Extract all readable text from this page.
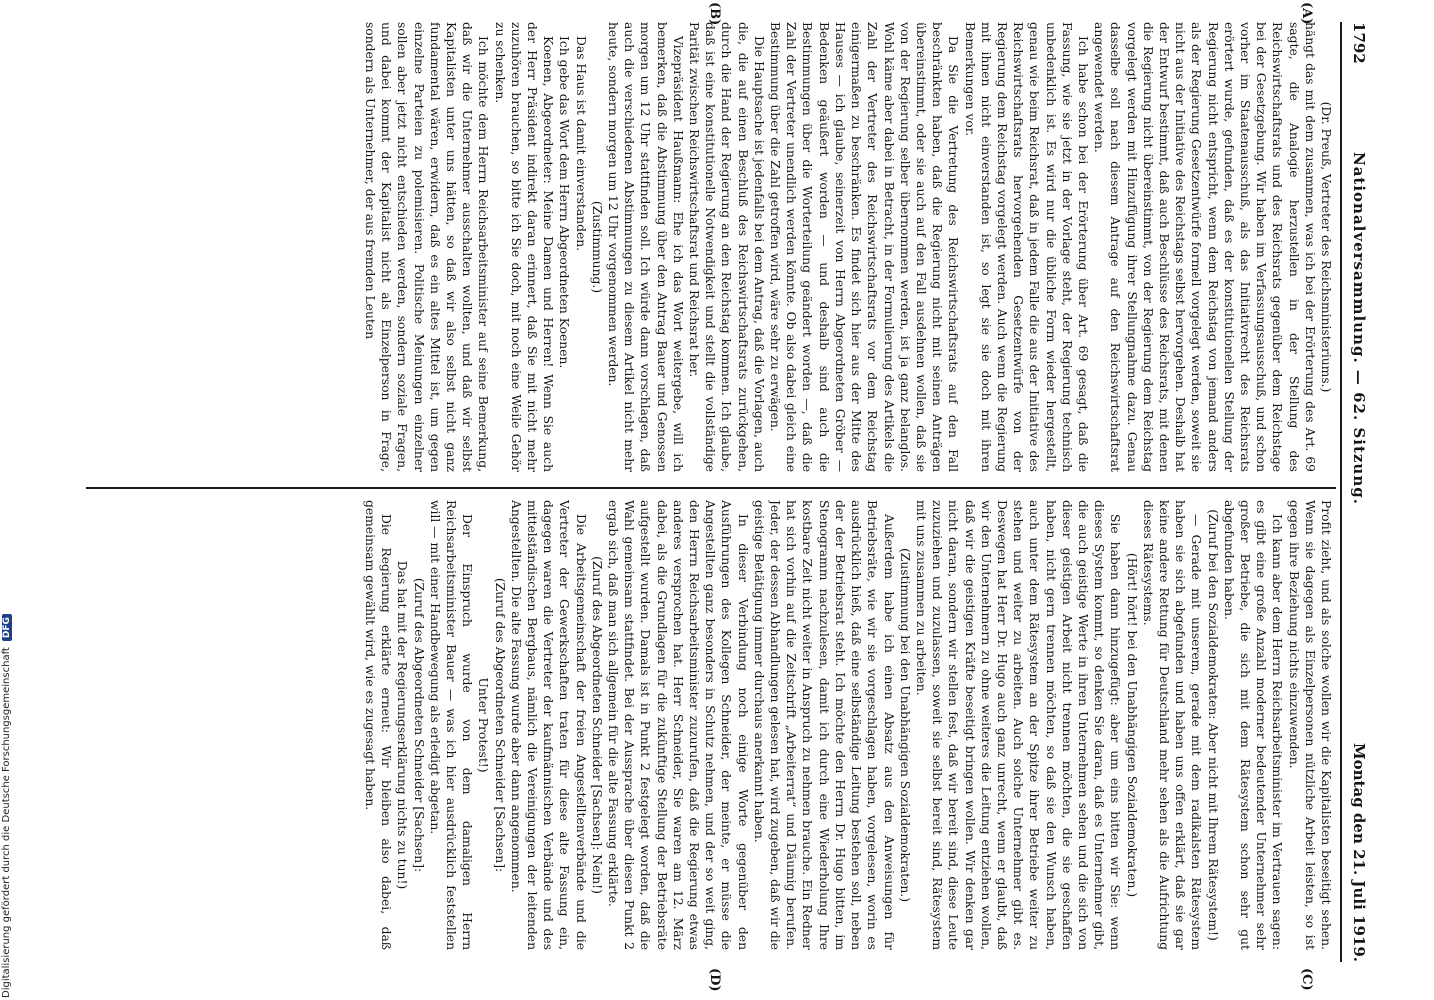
1792
Nationalversammlung. — 62. Sitzung.
Montag den 21. Juli 1919.
(A)
(B)
(C)
(D)

(Dr. Preuß, Vertreter des Reichsministeriums.)

hängt das mit dem zusammen, was ich bei der Erörterung des Art. 69 sagte, die Analogie herzustellen in der Stellung des Reichswirtschaftsrats und des Reichsrats gegenüber dem Reichstage bei der Gesetzgebung. Wir haben im Verfassungsausschuß, und schon vorher im Staatenausschuß, als das Initiativrecht des Reichsrats erörtert wurde, gefunden, daß es der konstitutionellen Stellung der Regierung nicht entspricht, wenn dem Reichstag von jemand anders als der Regierung Gesetzentwürfe formell vorgelegt werden, soweit sie nicht aus der Initiative des Reichstags selbst hervorgehen. Deshalb hat der Entwurf bestimmt, daß auch Beschlüsse des Reichsrats, mit denen die Regierung nicht übereinstimmt, von der Regierung dem Reichstag vorgelegt werden mit Hinzufügung ihrer Stellungnahme dazu. Genau dasselbe soll nach diesem Antrage auf den Reichswirtschaftsrat angewendet werden.

Ich habe schon bei der Erörterung über Art. 69 gesagt, daß die Fassung, wie sie jetzt in der Vorlage steht, der Regierung technisch unbedenklich ist. Es wird nur die übliche Form wieder hergestellt, genau wie beim Reichsrat, daß in jedem Falle die aus der Initiative des Reichswirtschaftsrats hervorgehenden Gesetzentwürfe von der Regierung dem Reichstag vorgelegt werden. Auch wenn die Regierung mit ihnen nicht einverstanden ist, so legt sie sie doch mit ihren Bemerkungen vor.

Da Sie die Vertretung des Reichswirtschaftsrats auf den Fall beschränkten haben, daß die Regierung nicht mit seinen Anträgen übereinstimmt, oder sie auch auf den Fall ausdehnen wollen, daß sie von der Regierung selber übernommen werden, ist ja ganz belanglos. Wohl käme aber dabei in Betracht, in der Formulierung des Artikels die Zahl der Vertreter des Reichswirtschaftsrats vor dem Reichstag einigermaßen zu beschränken. Es findet sich hier aus der Mitte des Hauses — ich glaube, seinerzeit von Herrn Abgeordneten Gröber — Bedenken geäußert worden — und deshalb sind auch die Bestimmungen über die Worterteilung geändert worden —, daß die Zahl der Vertreter unendlich werden könnte. Ob also dabei gleich eine Bestimmung über die Zahl getroffen wird, wäre sehr zu erwägen.

Die Hauptsache ist jedenfalls bei dem Antrag, daß die Vorlagen, auch die, die auf einen Beschluß des Reichswirtschaftsrats zurückgehen, durch die Hand der Regierung an den Reichstag kommen. Ich glaube, daß ist eine konstitutionelle Notwendigkeit und stellt die vollständige Parität zwischen Reichswirtschaftsrat und Reichsrat her.

Vizepräsident Haußmann: Ehe ich das Wort weitergebe, will ich bemerken, daß die Abstimmung über den Antrag Bauer und Genossen morgen um 12 Uhr stattfinden soll. Ich würde dann vorschlagen, daß auch die verschiedenen Abstimmungen zu diesem Artikel nicht mehr heute, sondern morgen um 12 Uhr vorgenommen werden.

(Zustimmung.)

Das Haus ist damit einverstanden.

Ich gebe das Wort dem Herrn Abgeordneten Koenen.

Koenen, Abgeordneter: Meine Damen und Herren! Wenn Sie auch der Herr Präsident indirekt daran erinnert, daß Sie mit nicht mehr zuzuhören brauchen, so bitte ich Sie doch, mit noch eine Weile Gehör zu schenken.

Ich möchte dem Herrn Reichsarbeitsminister auf seine Bemerkung, daß wir die Unternehmer ausschalten wollten, und daß wir selbst Kapitalisten unter uns hätten, so daß wir also selbst nicht ganz fundamental wären, erwidern, daß es ein altes Mittel ist, um gegen einzelne Parteien zu polemisieren. Politische Meinungen einzelner sollen aber jetzt nicht entschieden werden, sondern soziale Fragen, und dabei kommt der Kapitalist nicht als Einzelperson in Frage, sondern als Unternehmer, der aus fremden Leuten

Profit zieht, und als solche wollen wir die Kapitalisten beseitigt sehen. Wenn sie dagegen als Einzelpersonen nützliche Arbeit leisten, so ist gegen ihre Beziehung nichts einzuwenden.

Ich kann aber dem Herrn Reichsarbeitsminister im Vertrauen sagen: es gibt eine große Anzahl moderner bedeutender Unternehmer sehr großer Betriebe, die sich mit dem Rätesystem schon sehr gut abgefunden haben.

(Zuruf bei den Sozialdemokraten: Aber nicht mit Ihrem Rätesystem!)

— Gerade mit unserem, gerade mit dem radikalsten Rätesystem haben sie sich abgefunden und haben uns offen erklärt, daß sie gar keine andere Rettung für Deutschland mehr sehen als die Aufrichtung dieses Rätesystems.

(Hört! hört! bei den Unabhängigen Sozialdemokraten.)

Sie haben dann hinzugefügt: aber um eins bitten wir Sie: wenn dieses System kommt, so denken Sie daran, daß es Unternehmer gibt, die auch geistige Werte in ihren Unternehmen sehen und die sich von dieser geistigen Arbeit nicht trennen möchten, die sie geschaffen haben, nicht gern trennen möchten, so daß sie den Wunsch haben, auch unter dem Rätesystem an der Spitze ihrer Betriebe weiter zu stehen und weiter zu arbeiten. Auch solche Unternehmer gibt es. Deswegen hat Herr Dr. Hugo auch ganz unrecht, wenn er glaubt, daß wir den Unternehmern zu ohne weiteres die Leitung entziehen wollen, daß wir die geistigen Kräfte beseitigt bringen wollen. Wir denken gar nicht daran, sondern wir stellen fest, daß wir bereit sind, diese Leute zuzuziehen und zuzulassen, soweit sie selbst bereit sind, Rätesystem mit uns zusammen zu arbeiten.

(Zustimmung bei den Unabhängigen Sozialdemokraten.)

Außerdem habe ich einen Absatz aus den Anweisungen für Betriebsräte, wie wir sie vorgeschlagen haben, vorgelesen, worin es ausdrücklich hieß, daß eine selbständige Leitung bestehen soll, neben der der Betriebsrat steht. Ich möchte den Herrn Dr. Hugo bitten, im Stenogramm nachzulesen, damit ich durch eine Wiederholung Ihre kostbare Zeit nicht weiter in Anspruch zu nehmen brauche. Ein Redner hat sich vorhin auf die Zeitschrift „Arbeiterrat“ und Däumig berufen. Jeder, der dessen Abhandlungen gelesen hat, wird zugeben, daß wir die geistige Betätigung immer durchaus anerkannt haben.

In dieser Verbindung noch einige Worte gegenüber den Ausführungen des Kollegen Schneider, der meinte, er müsse die Angestellten ganz besonders in Schutz nehmen, und der so weit ging, den Herrn Reichsarbeitsminister zuzurufen, daß die Regierung etwas anderes versprochen hat. Herr Schneider, Sie waren am 12. März dabei, als die Grundlagen für die zukünftige Stellung der Betriebsräte aufgestellt wurden. Damals ist in Punkt 2 festgelegt worden, daß die Wahl gemeinsam stattfindet. Bei der Aussprache über diesen Punkt 2 ergab sich, daß man sich allgemein für die alte Fassung erklärte.

(Zuruf des Abgeordneten Schneider [Sachsen]: Nein!)

Die Arbeitsgemeinschaft der freien Angestelltenverbände und die Vertreter der Gewerkschaften traten für diese alte Fassung ein, dagegen waren die Vertreter der kaufmännischen Verbände und des mittelständischen Bergbaus, nämlich die Vereinigungen der leitenden Angestellten. Die alte Fassung wurde aber dann angenommen.

(Zuruf des Abgeordneten Schneider [Sachsen]:

Unter Protest!)

Der Einspruch wurde von dem damaligen Herrn Reichsarbeitsminister Bauer — was ich hier ausdrücklich feststellen will — mit einer Handbewegung als erledigt abgetan.

(Zuruf des Abgeordneten Schneider [Sachsen]:

Das hat mit der Regierungserklärung nichts zu tun!)

Die Regierung erklärte erneut: Wir bleiben also dabei, daß gemeinsam gewählt wird, wie es zugesagt haben.

Digitalisierung gefördert durch die Deutsche Forschungsgemeinschaft
DFG
